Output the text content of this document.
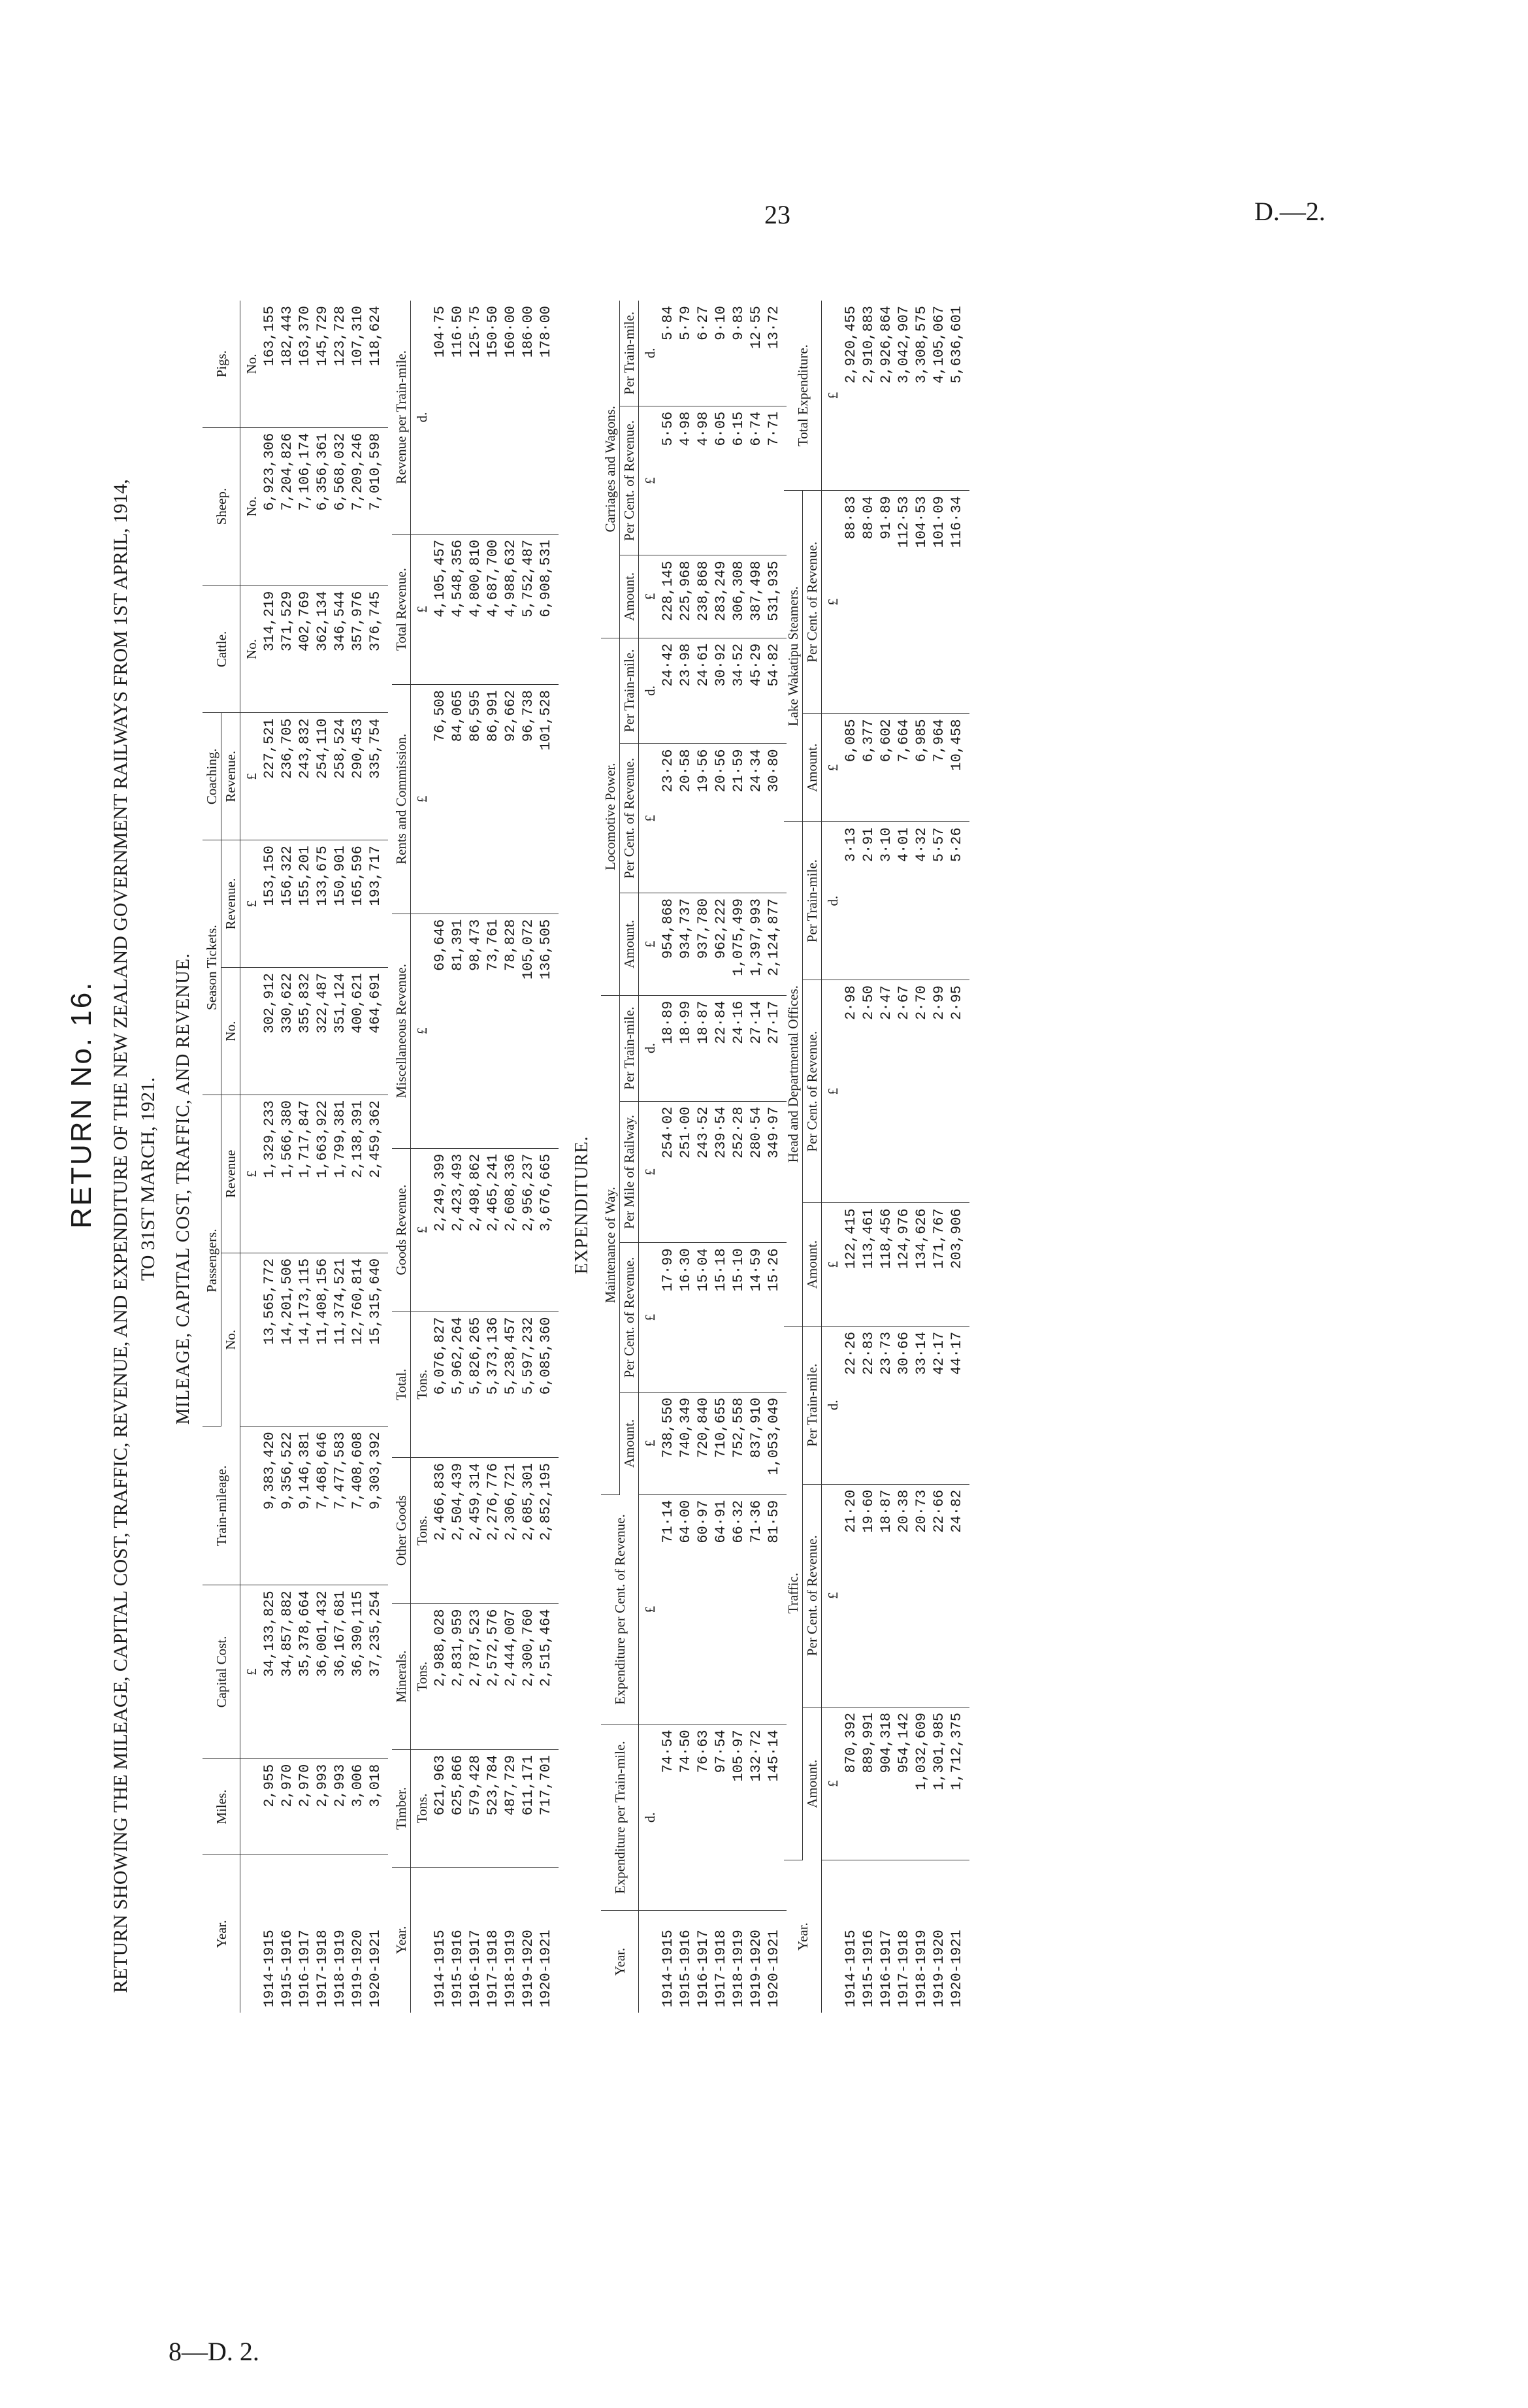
23	D.—2.
8—D. 2.
RETURN No. 16. RETURN SHOWING THE MILEAGE, CAPITAL COST, TRAFFIC, REVENUE, AND EXPENDITURE OF THE NEW ZEALAND GOVERNMENT RAILWAYS FROM 1ST APRIL, 1914, TO 31ST MARCH, 1921. MILEAGE, CAPITAL COST, TRAFFIC, AND REVENUE.
Year.	Miles.	Capital Cost.	Train-mileage.	Passengers.		Season Tickets.		Coaching.	Cattle.	Sheep.	Pigs.
				No.	Revenue	No.	Revenue.	Revenue.			
		£			£		£	£	No.	No.	No.
1914-1915	2,955	34,133,825	9,383,420	13,565,772	1,329,233	302,912	153,150	227,521	314,219	6,923,306	163,155
1915-1916	2,970	34,857,882	9,356,522	14,201,506	1,566,380	330,622	156,322	236,705	371,529	7,204,826	182,443
1916-1917	2,970	35,378,664	9,146,381	14,173,115	1,717,847	355,832	155,201	243,832	402,769	7,106,174	163,370
1917-1918	2,993	36,001,432	7,468,646	11,408,156	1,663,922	322,487	133,675	254,110	362,134	6,356,361	145,729
1918-1919	2,993	36,167,681	7,477,583	11,374,521	1,799,381	351,124	150,901	258,524	346,544	6,568,032	123,728
1919-1920	3,006	36,390,115	7,408,608	12,760,814	2,138,391	400,621	165,596	290,453	357,976	7,209,246	107,310
1920-1921	3,018	37,235,254	9,303,392	15,315,640	2,459,362	464,691	193,717	335,754	376,745	7,010,598	118,624
Year.	Timber.	Minerals.	Other Goods	Total.	Goods Revenue.	Miscellaneous Revenue.	Rents and Commission.	Total Revenue.	Revenue per Train-mile.
	Tons.	Tons.	Tons.	Tons.	£	£	£	£	d.
1914-1915	621,963	2,988,028	2,466,836	6,076,827	2,249,399	69,646	76,508	4,105,457	104·75
1915-1916	625,866	2,831,959	2,504,439	5,962,264	2,423,493	81,391	84,065	4,548,356	116·50
1916-1917	579,428	2,787,523	2,459,314	5,826,265	2,498,862	98,473	86,595	4,800,810	125·75
1917-1918	523,784	2,572,576	2,276,776	5,373,136	2,465,241	73,761	86,991	4,687,700	150·50
1918-1919	487,729	2,444,007	2,306,721	5,238,457	2,608,336	78,828	92,662	4,988,632	160·00
1919-1920	611,171	2,300,760	2,685,301	5,597,232	2,956,237	105,072	96,738	5,752,487	186·00
1920-1921	717,701	2,515,464	2,852,195	6,085,360	3,676,665	136,505	101,528	6,908,531	178·00
EXPENDITURE.
Year.	Expenditure per Train-mile.	Expenditure per Cent. of Revenue.	Maintenance of Way.				Locomotive Power.			Carriages and Wagons.		
			Amount.	Per Cent. of Revenue.	Per Mile of Railway.	Per Train-mile.	Amount.	Per Cent. of Revenue.	Per Train-mile.	Amount.	Per Cent. of Revenue.	Per Train-mile.
	d.	£	£	£	£	d.	£	£	d.	£	£	d.
1914-1915	74·54	71·14	738,550	17·99	254·02	18·89	954,868	23·26	24·42	228,145	5·56	5·84
1915-1916	74·50	64·00	740,349	16·30	251·00	18·99	934,737	20·58	23·98	225,968	4·98	5·79
1916-1917	76·63	60·97	720,840	15·04	243·52	18·87	937,780	19·56	24·61	238,868	4·98	6·27
1917-1918	97·54	64·91	710,655	15·18	239·54	22·84	962,222	20·56	30·92	283,249	6·05	9·10
1918-1919	105·97	66·32	752,558	15·10	252·28	24·16	1,075,499	21·59	34·52	306,308	6·15	9·83
1919-1920	132·72	71·36	837,910	14·59	280·54	27·14	1,397,993	24·34	45·29	387,498	6·74	12·55
1920-1921	145·14	81·59	1,053,049	15·26	349·97	27·17	2,124,877	30·80	54·82	531,935	7·71	13·72
Year.	Traffic.			Head and Departmental Offices.			Lake Wakatipu Steamers.		Total Expenditure.
	Amount.	Per Cent. of Revenue.	Per Train-mile.	Amount.	Per Cent. of Revenue.	Per Train-mile.	Amount.	Per Cent. of Revenue.	
	£	£	d.	£	£	d.	£	£	£
1914-1915	870,392	21·20	22·26	122,415	2·98	3·13	6,085	88·83	2,920,455
1915-1916	889,991	19·60	22·83	113,461	2·50	2·91	6,377	88·04	2,910,883
1916-1917	904,318	18·87	23·73	118,456	2·47	3·10	6,602	91·89	2,926,864
1917-1918	954,142	20·38	30·66	124,976	2·67	4·01	7,664	112·53	3,042,907
1918-1919	1,032,609	20·73	33·14	134,626	2·70	4·32	6,985	104·53	3,308,575
1919-1920	1,301,985	22·66	42·17	171,767	2·99	5·57	7,964	101·09	4,105,067
1920-1921	1,712,375	24·82	44·17	203,906	2·95	5·26	10,458	116·34	5,636,601
